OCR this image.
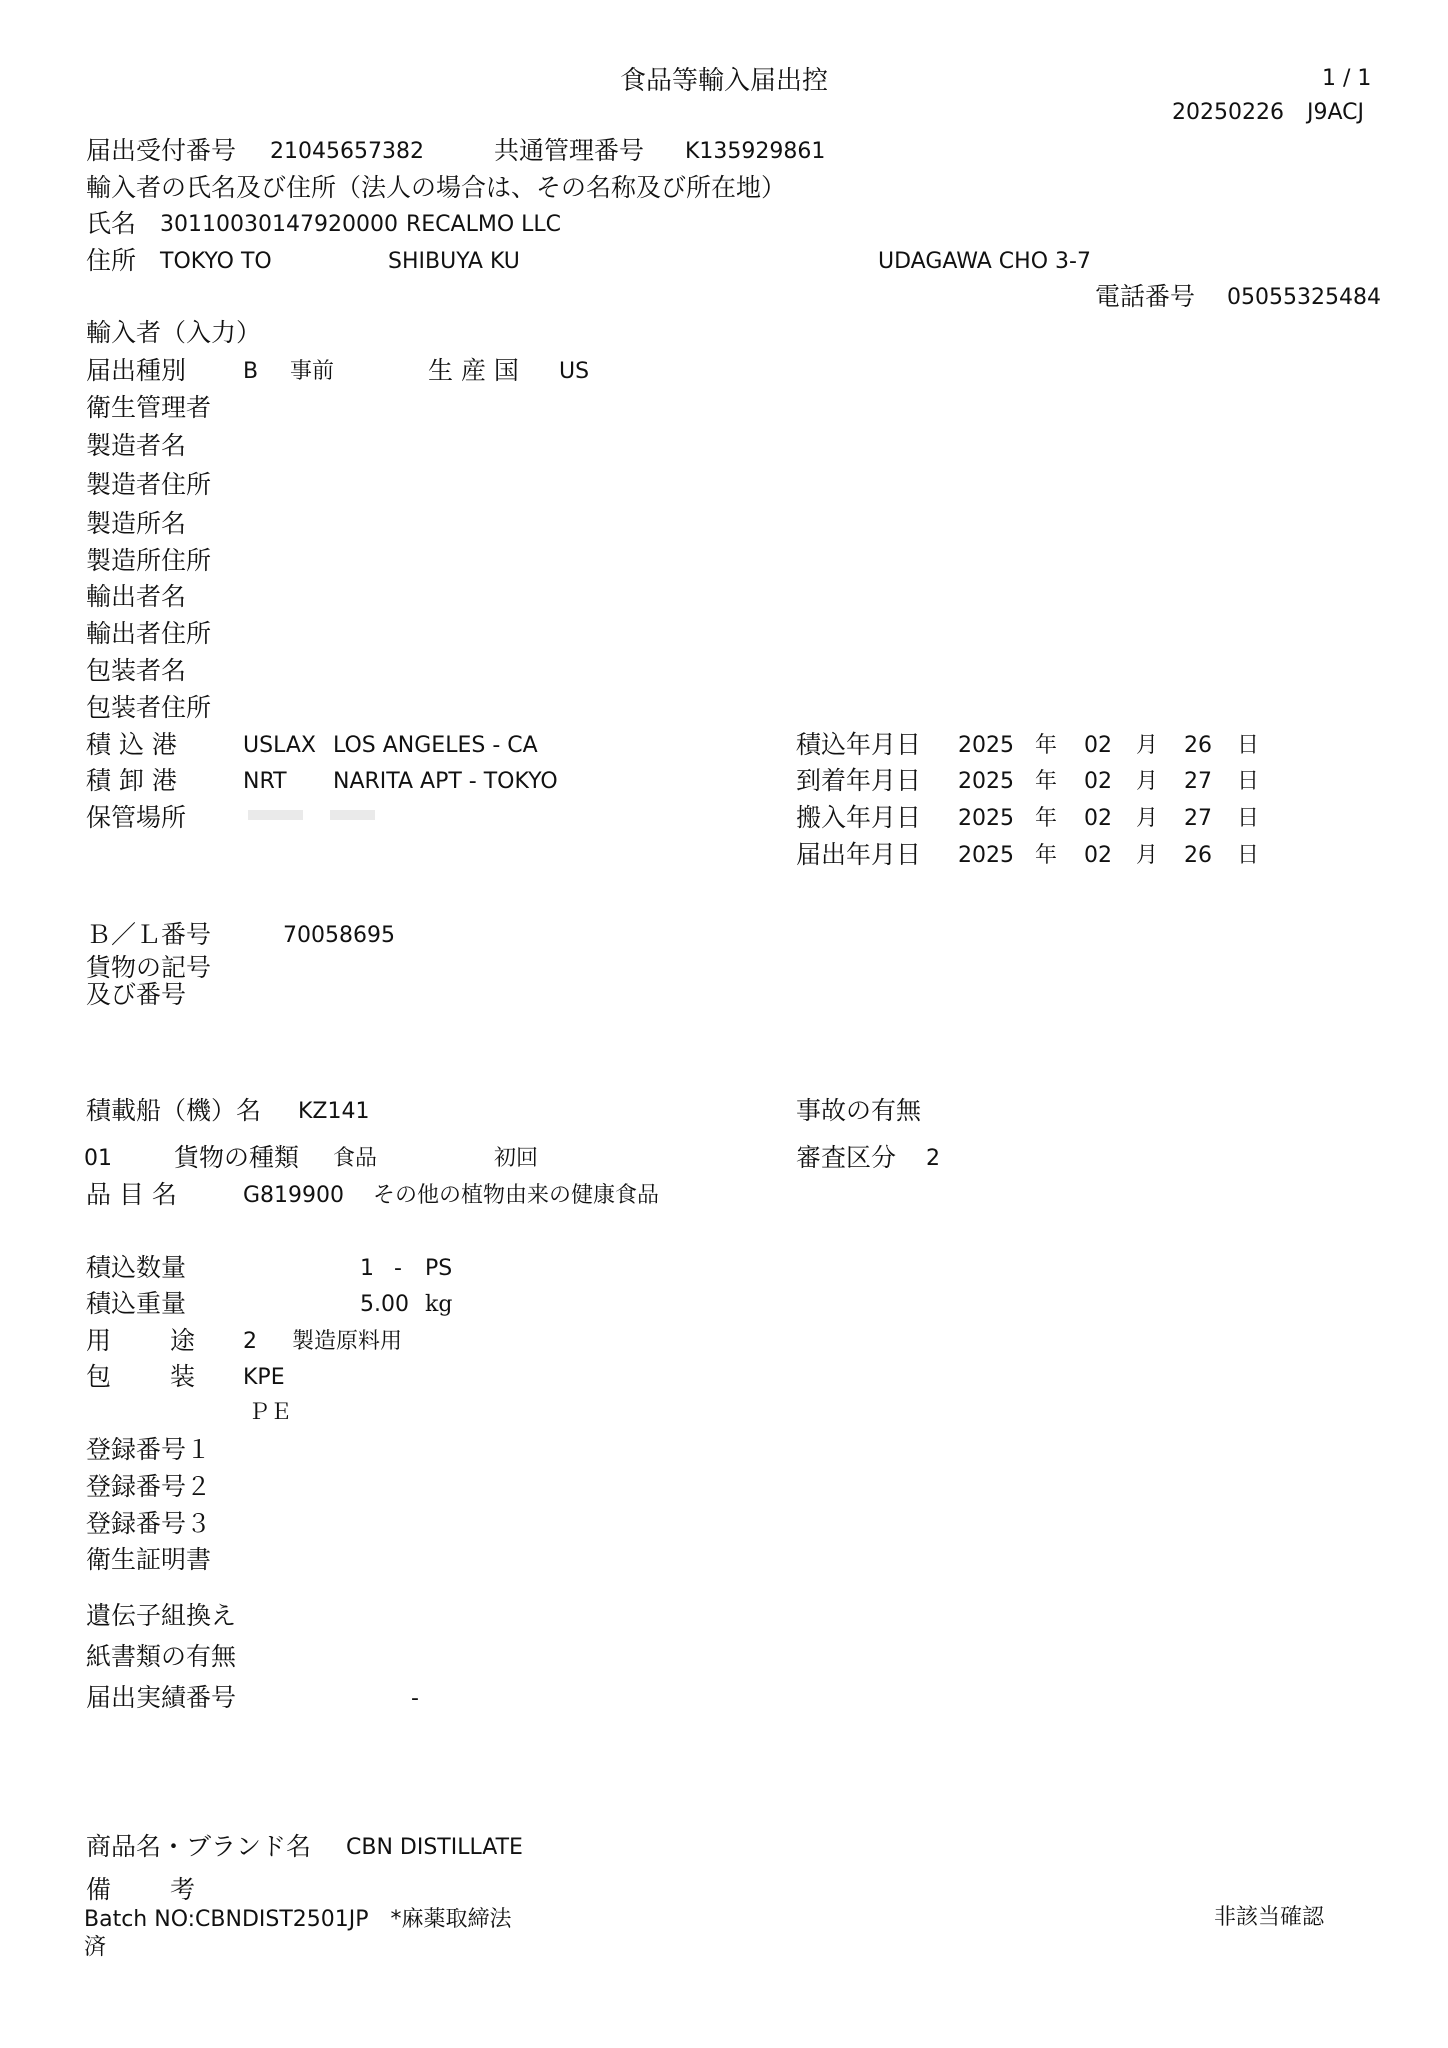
食品等輸入届出控	1 / 1
20250226 J9ACJ
届出受付番号 21045657382	共通管理番号 K135929861
輸入者の氏名及び住所（法人の場合は、その名称及び所在地）
氏名 30110030147920000 RECALMO LLC
住所 TOKYO TO	SHIBUYA KU	UDAGAWA CHO 3-7
電話番号 05055325484
輸入者（入力）
届出種別	B 事前	生 産 国 US
衛生管理者
製造者名
製造者住所
製造所名
製造所住所
輸出者名
輸出者住所
包装者名
包装者住所
積 込 港	USLAX LOS ANGELES - CA
積 卸 港	NRT NARITA APT - TOKYO
保管場所
積込年月日 2025 年 02 月 26 日
到着年月日 2025 年 02 月 27 日
搬入年月日 2025 年 02 月 27 日
届出年月日 2025 年 02 月 26 日
Ｂ／Ｌ番号	70058695
貨物の記号
及び番号
積載船（機）名 KZ141	事故の有無
01 貨物の種類 食品	初回	審査区分 2
品 目 名	G819900 その他の植物由来の健康食品
積込数量	1 - PS
積込重量	5.00 kg
用 途 2 製造原料用
包 装 KPE
ＰＥ
登録番号１
登録番号２
登録番号３
衛生証明書
遺伝子組換え
紙書類の有無
届出実績番号	-
商品名・ブランド名 CBN DISTILLATE
備 考
Batch NO:CBNDIST2501JP　*麻薬取締法
済
非該当確認
